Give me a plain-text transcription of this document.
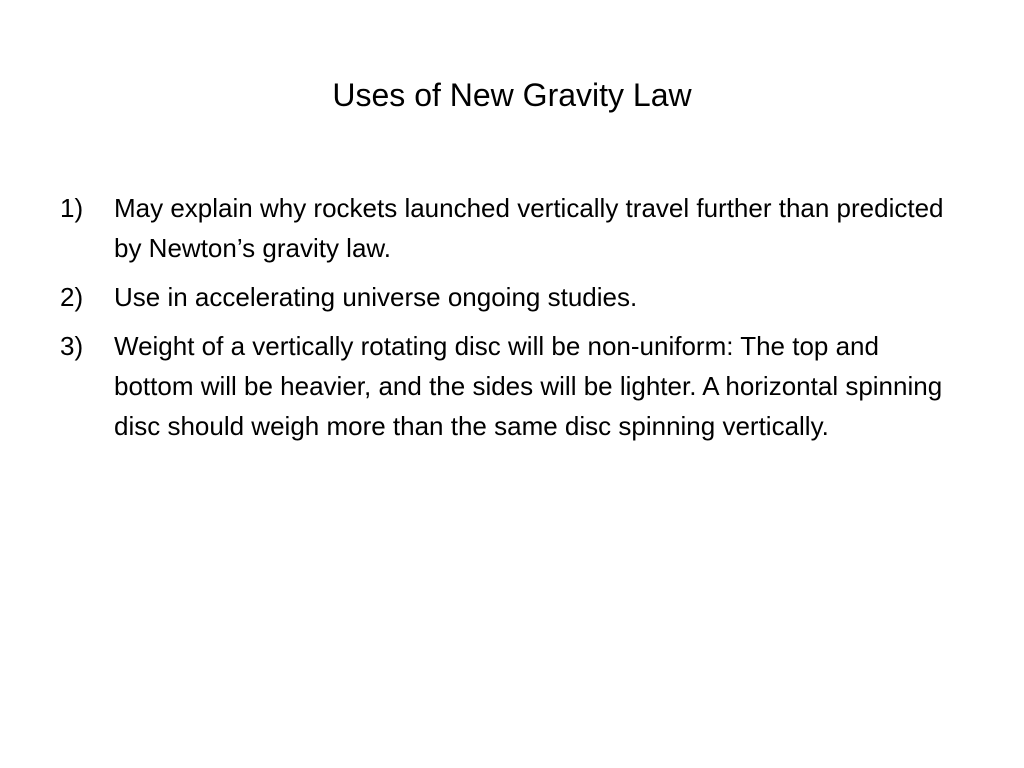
Uses of New Gravity Law
1)	May explain why rockets launched vertically travel further than predicted by Newton’s gravity law.
2)	Use in accelerating universe ongoing studies.
3)	Weight of a vertically rotating disc will be non-uniform: The top and bottom will be heavier, and the sides will be lighter. A horizontal spinning disc should weigh more than the same disc spinning vertically.
